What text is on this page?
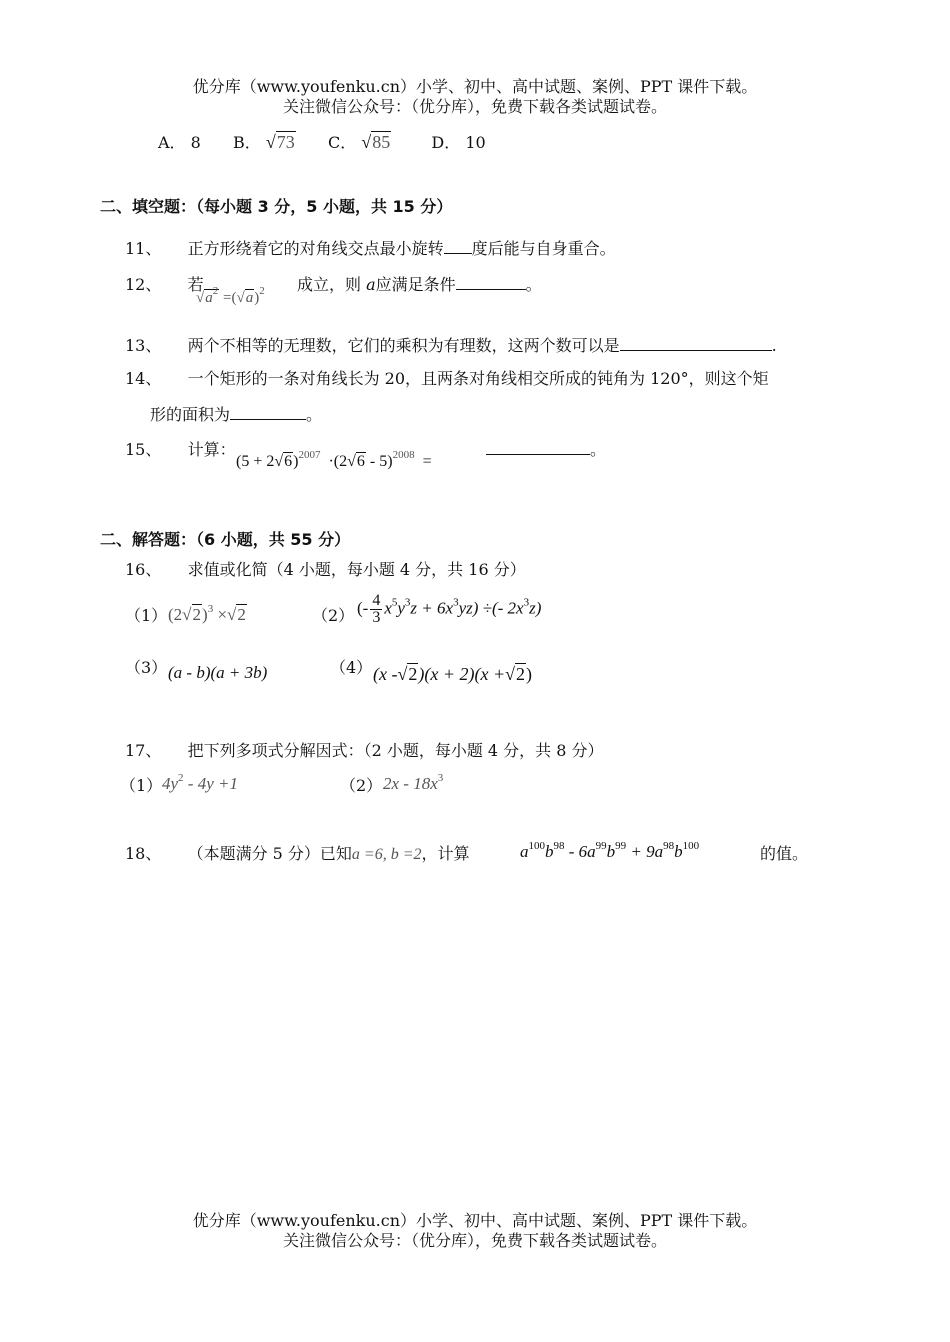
优分库（www.youfenku.cn）小学、初中、高中试题、案例、PPT 课件下载。
关注微信公众号：（优分库），免费下载各类试题试卷。
A． 8 B． √73 C． √85	D． 10
二、填空题：（每小题 3 分，5 小题，共 15 分）
11、 正方形绕着它的对角线交点最小旋转 度后能与自身重合。
12、 若
$√a^2 =(√a)^2$ 成立，则 a应满足条件	。
13、 两个不相等的无理数，它们的乘积为有理数，这两个数可以是	.
14、 一个矩形的一条对角线长为 20，且两条对角线相交所成的钝角为 120°，则这个矩
形的面积为	。
15、 计算：
$(5 + 2√6)^{2007} \cdot(2√6 - 5)^{2008}$ =
。
二、解答题：（6 小题，共 55 分）
16、 求值或化简（4 小题，每小题 4 分，共 16 分）
（1） $(2√2)^3 \times√2$	（2） (- $\frac{4}{3} x^5y^3z + 6x^3yz$) ÷(- $2x^3z$)
（3） (a - b)(a + 3b)	（4） (x -√2)(x + 2)(x +√2)
17、 把下列多项式分解因式：（2 小题，每小题 4 分，共 8 分）
（1） $4y^2 - 4y +1$	（2） $2x - 18x^3$
18、 （本题满分 5 分）已知a =6, b =2，计算	$a^{100}b^{98} - 6a^{99}b^{99} + 9a^{98}b^{100}$	的值。
优分库（www.youfenku.cn）小学、初中、高中试题、案例、PPT 课件下载。
关注微信公众号：（优分库），免费下载各类试题试卷。
